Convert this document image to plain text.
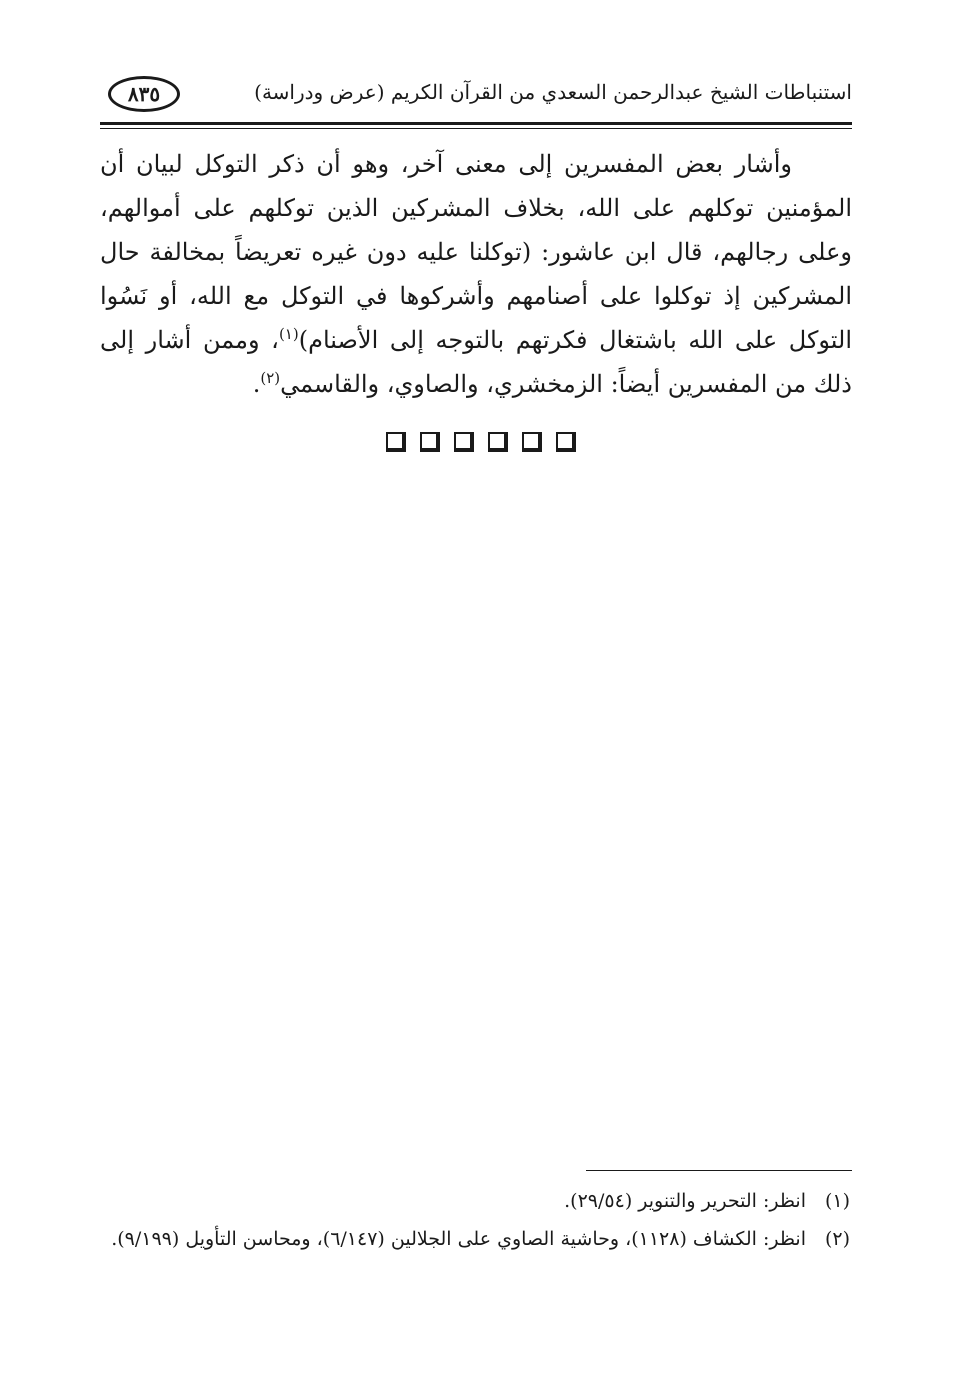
استنباطات الشيخ عبدالرحمن السعدي من القرآن الكريم (عرض ودراسة)
٨٣٥
وأشار بعض المفسرين إلى معنى آخر، وهو أن ذكر التوكل لبيان أن المؤمنين توكلهم على الله، بخلاف المشركين الذين توكلهم على أموالهم، وعلى رجالهم، قال ابن عاشور: (توكلنا عليه دون غيره تعريضاً بمخالفة حال المشركين إذ توكلوا على أصنامهم وأشركوها في التوكل مع الله، أو نَسُوا التوكل على الله باشتغال فكرتهم بالتوجه إلى الأصنام)$^{(١)}$، وممن أشار إلى ذلك من المفسرين أيضاً: الزمخشري، والصاوي، والقاسمي$^{(٢)}$.
(١)
انظر: التحرير والتنوير (٢٩/٥٤).
(٢)
انظر: الكشاف (١١٢٨)، وحاشية الصاوي على الجلالين (٦/١٤٧)، ومحاسن التأويل (٩/١٩٩).
